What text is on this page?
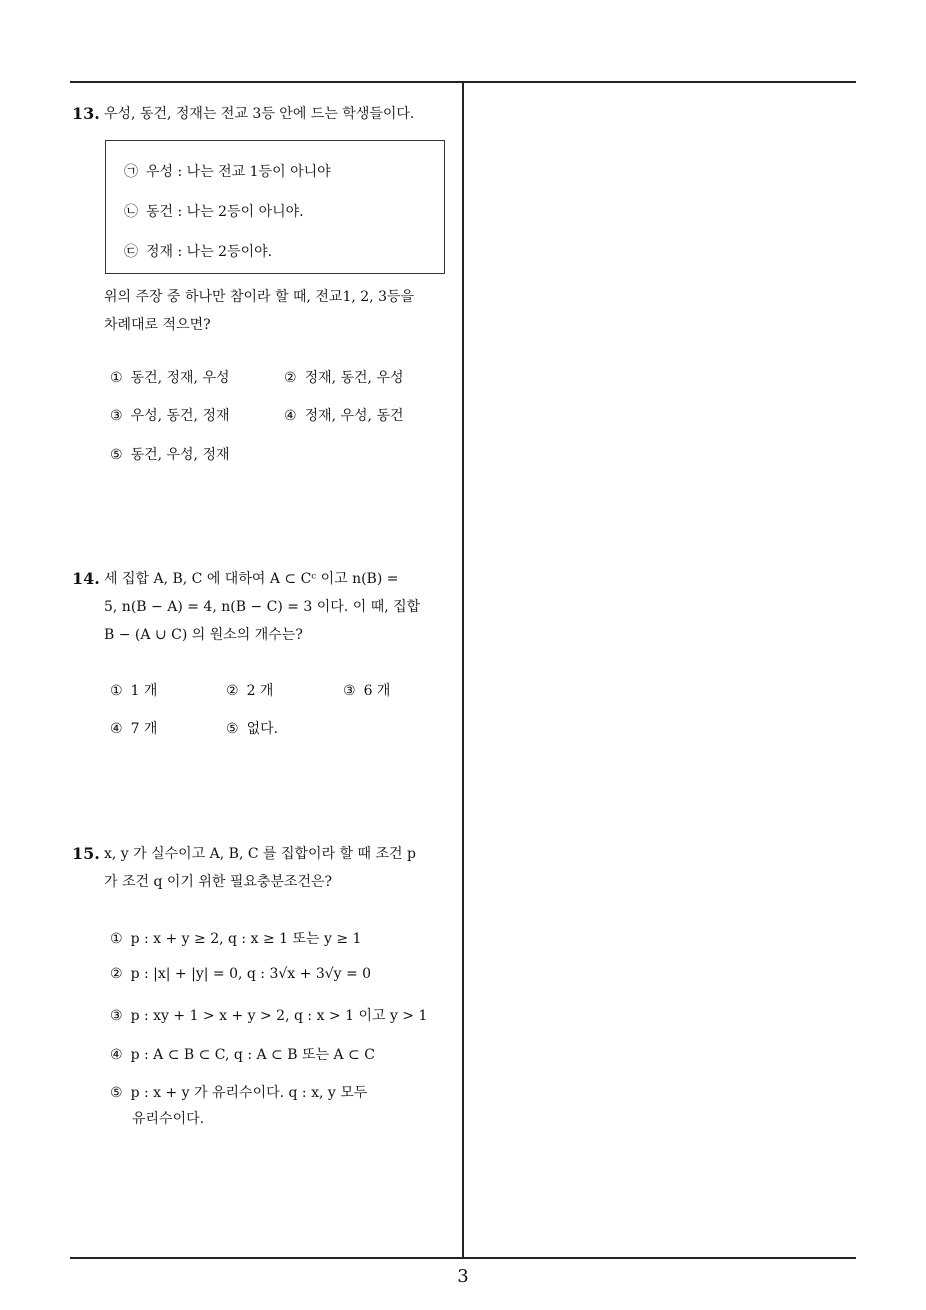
13. 우성, 동건, 정재는 전교 3등 안에 드는 학생들이다.
㉠ 우성 : 나는 전교 1등이 아니야
㉡ 동건 : 나는 2등이 아니야.
㉢ 정재 : 나는 2등이야.
위의 주장 중 하나만 참이라 할 때, 전교1, 2, 3등을
차례대로 적으면?
① 동건, 정재, 우성	② 정재, 동건, 우성
③ 우성, 동건, 정재	④ 정재, 우성, 동건
⑤ 동건, 우성, 정재
14. 세 집합 A, B, C 에 대하여 A ⊂ Cᶜ 이고 n(B) =
5, n(B − A) = 4, n(B − C) = 3 이다. 이 때, 집합
B − (A ∪ C) 의 원소의 개수는?
① 1 개	② 2 개	③ 6 개
④ 7 개	⑤ 없다.
15. x, y 가 실수이고 A, B, C 를 집합이라 할 때 조건 p
가 조건 q 이기 위한 필요충분조건은?
① p : x + y ≥ 2, q : x ≥ 1 또는 y ≥ 1
② p : |x| + |y| = 0, q : 3√x + 3√y = 0
③ p : xy + 1 > x + y > 2, q : x > 1 이고 y > 1
④ p : A ⊂ B ⊂ C, q : A ⊂ B 또는 A ⊂ C
⑤ p : x + y 가 유리수이다. q : x, y 모두
유리수이다.
3
